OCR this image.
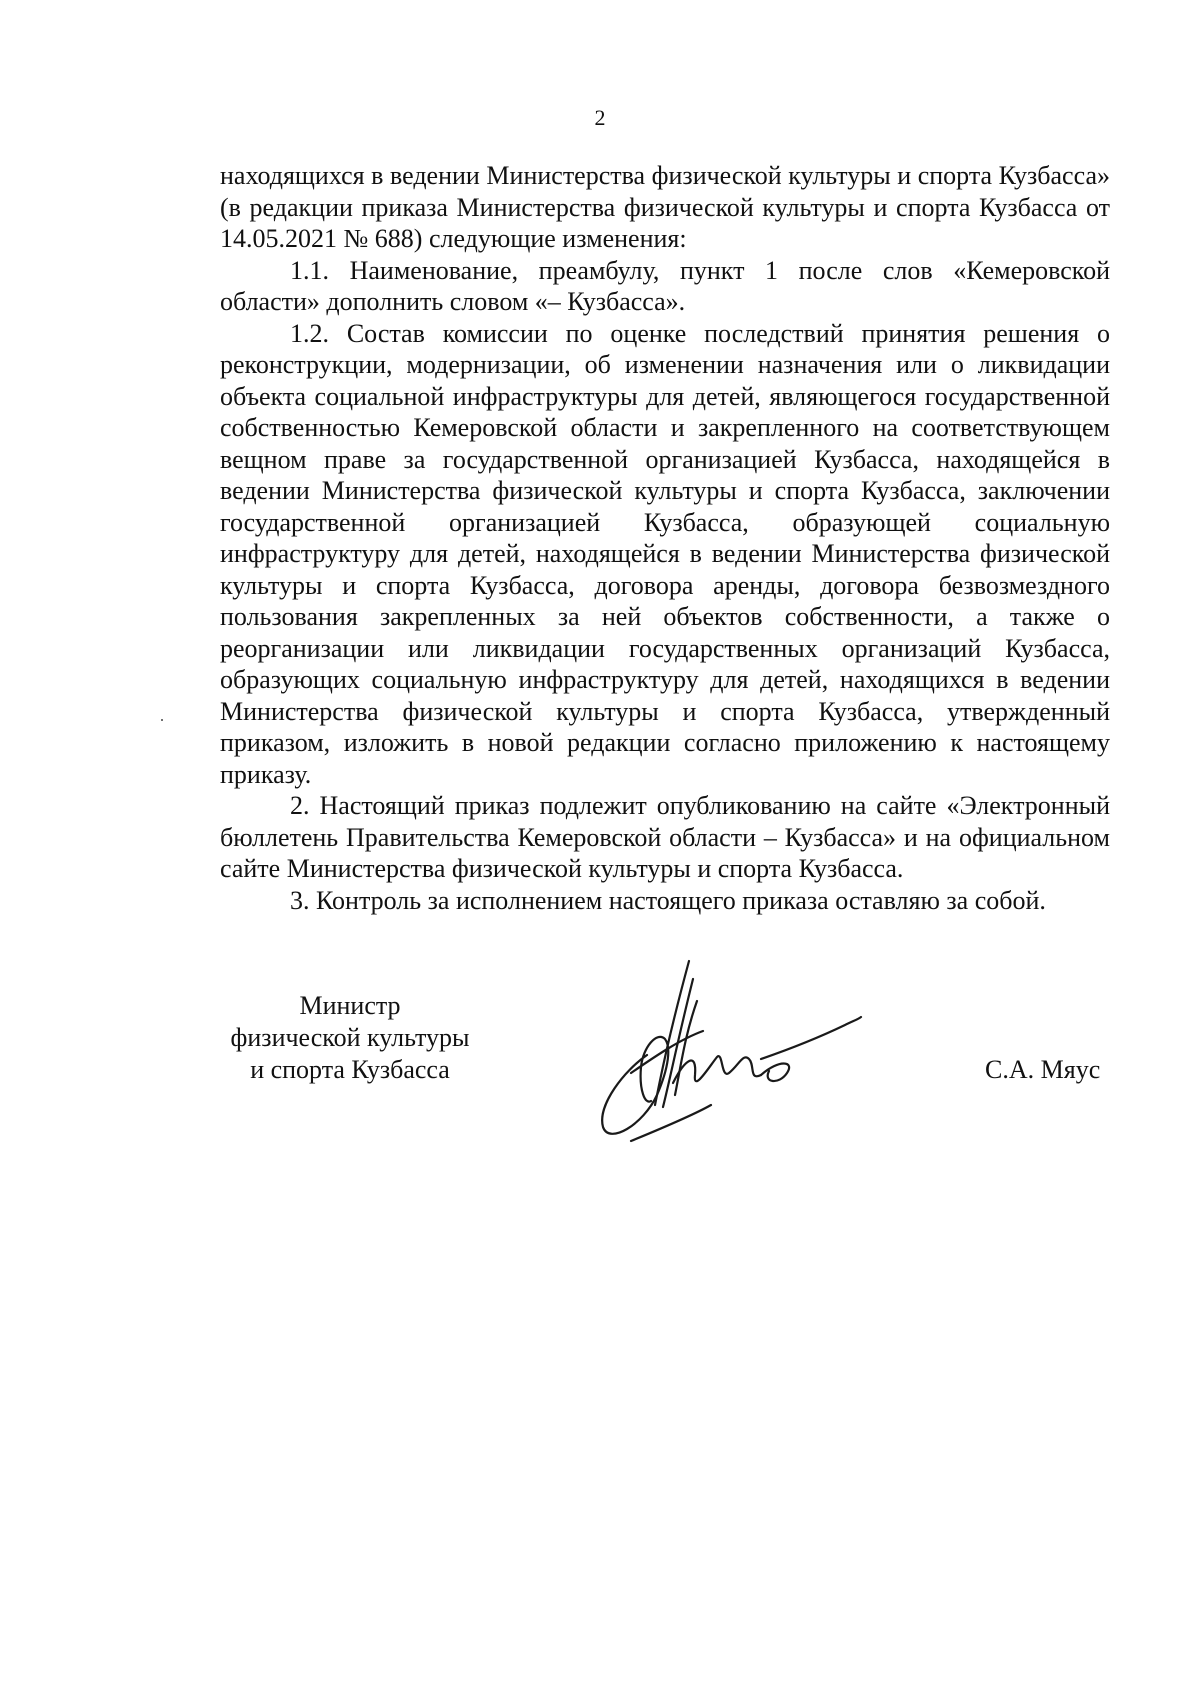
2

находящихся в ведении Министерства физической культуры и спорта Кузбасса» (в редакции приказа Министерства физической культуры и спорта Кузбасса от 14.05.2021 № 688) следующие изменения:

1.1. Наименование, преамбулу, пункт 1 после слов «Кемеровской области» дополнить словом «– Кузбасса».

1.2. Состав комиссии по оценке последствий принятия решения о реконструкции, модернизации, об изменении назначения или о ликвидации объекта социальной инфраструктуры для детей, являющегося государственной собственностью Кемеровской области и закрепленного на соответствующем вещном праве за государственной организацией Кузбасса, находящейся в ведении Министерства физической культуры и спорта Кузбасса, заключении государственной организацией Кузбасса, образующей социальную инфраструктуру для детей, находящейся в ведении Министерства физической культуры и спорта Кузбасса, договора аренды, договора безвозмездного пользования закрепленных за ней объектов собственности, а также о реорганизации или ликвидации государственных организаций Кузбасса, образующих социальную инфраструктуру для детей, находящихся в ведении Министерства физической культуры и спорта Кузбасса, утвержденный приказом, изложить в новой редакции согласно приложению к настоящему приказу.

2. Настоящий приказ подлежит опубликованию на сайте «Электронный бюллетень Правительства Кемеровской области – Кузбасса» и на официальном сайте Министерства физической культуры и спорта Кузбасса.

3. Контроль за исполнением настоящего приказа оставляю за собой.

Министр
физической культуры
и спорта Кузбасса	С.А. Мяус
